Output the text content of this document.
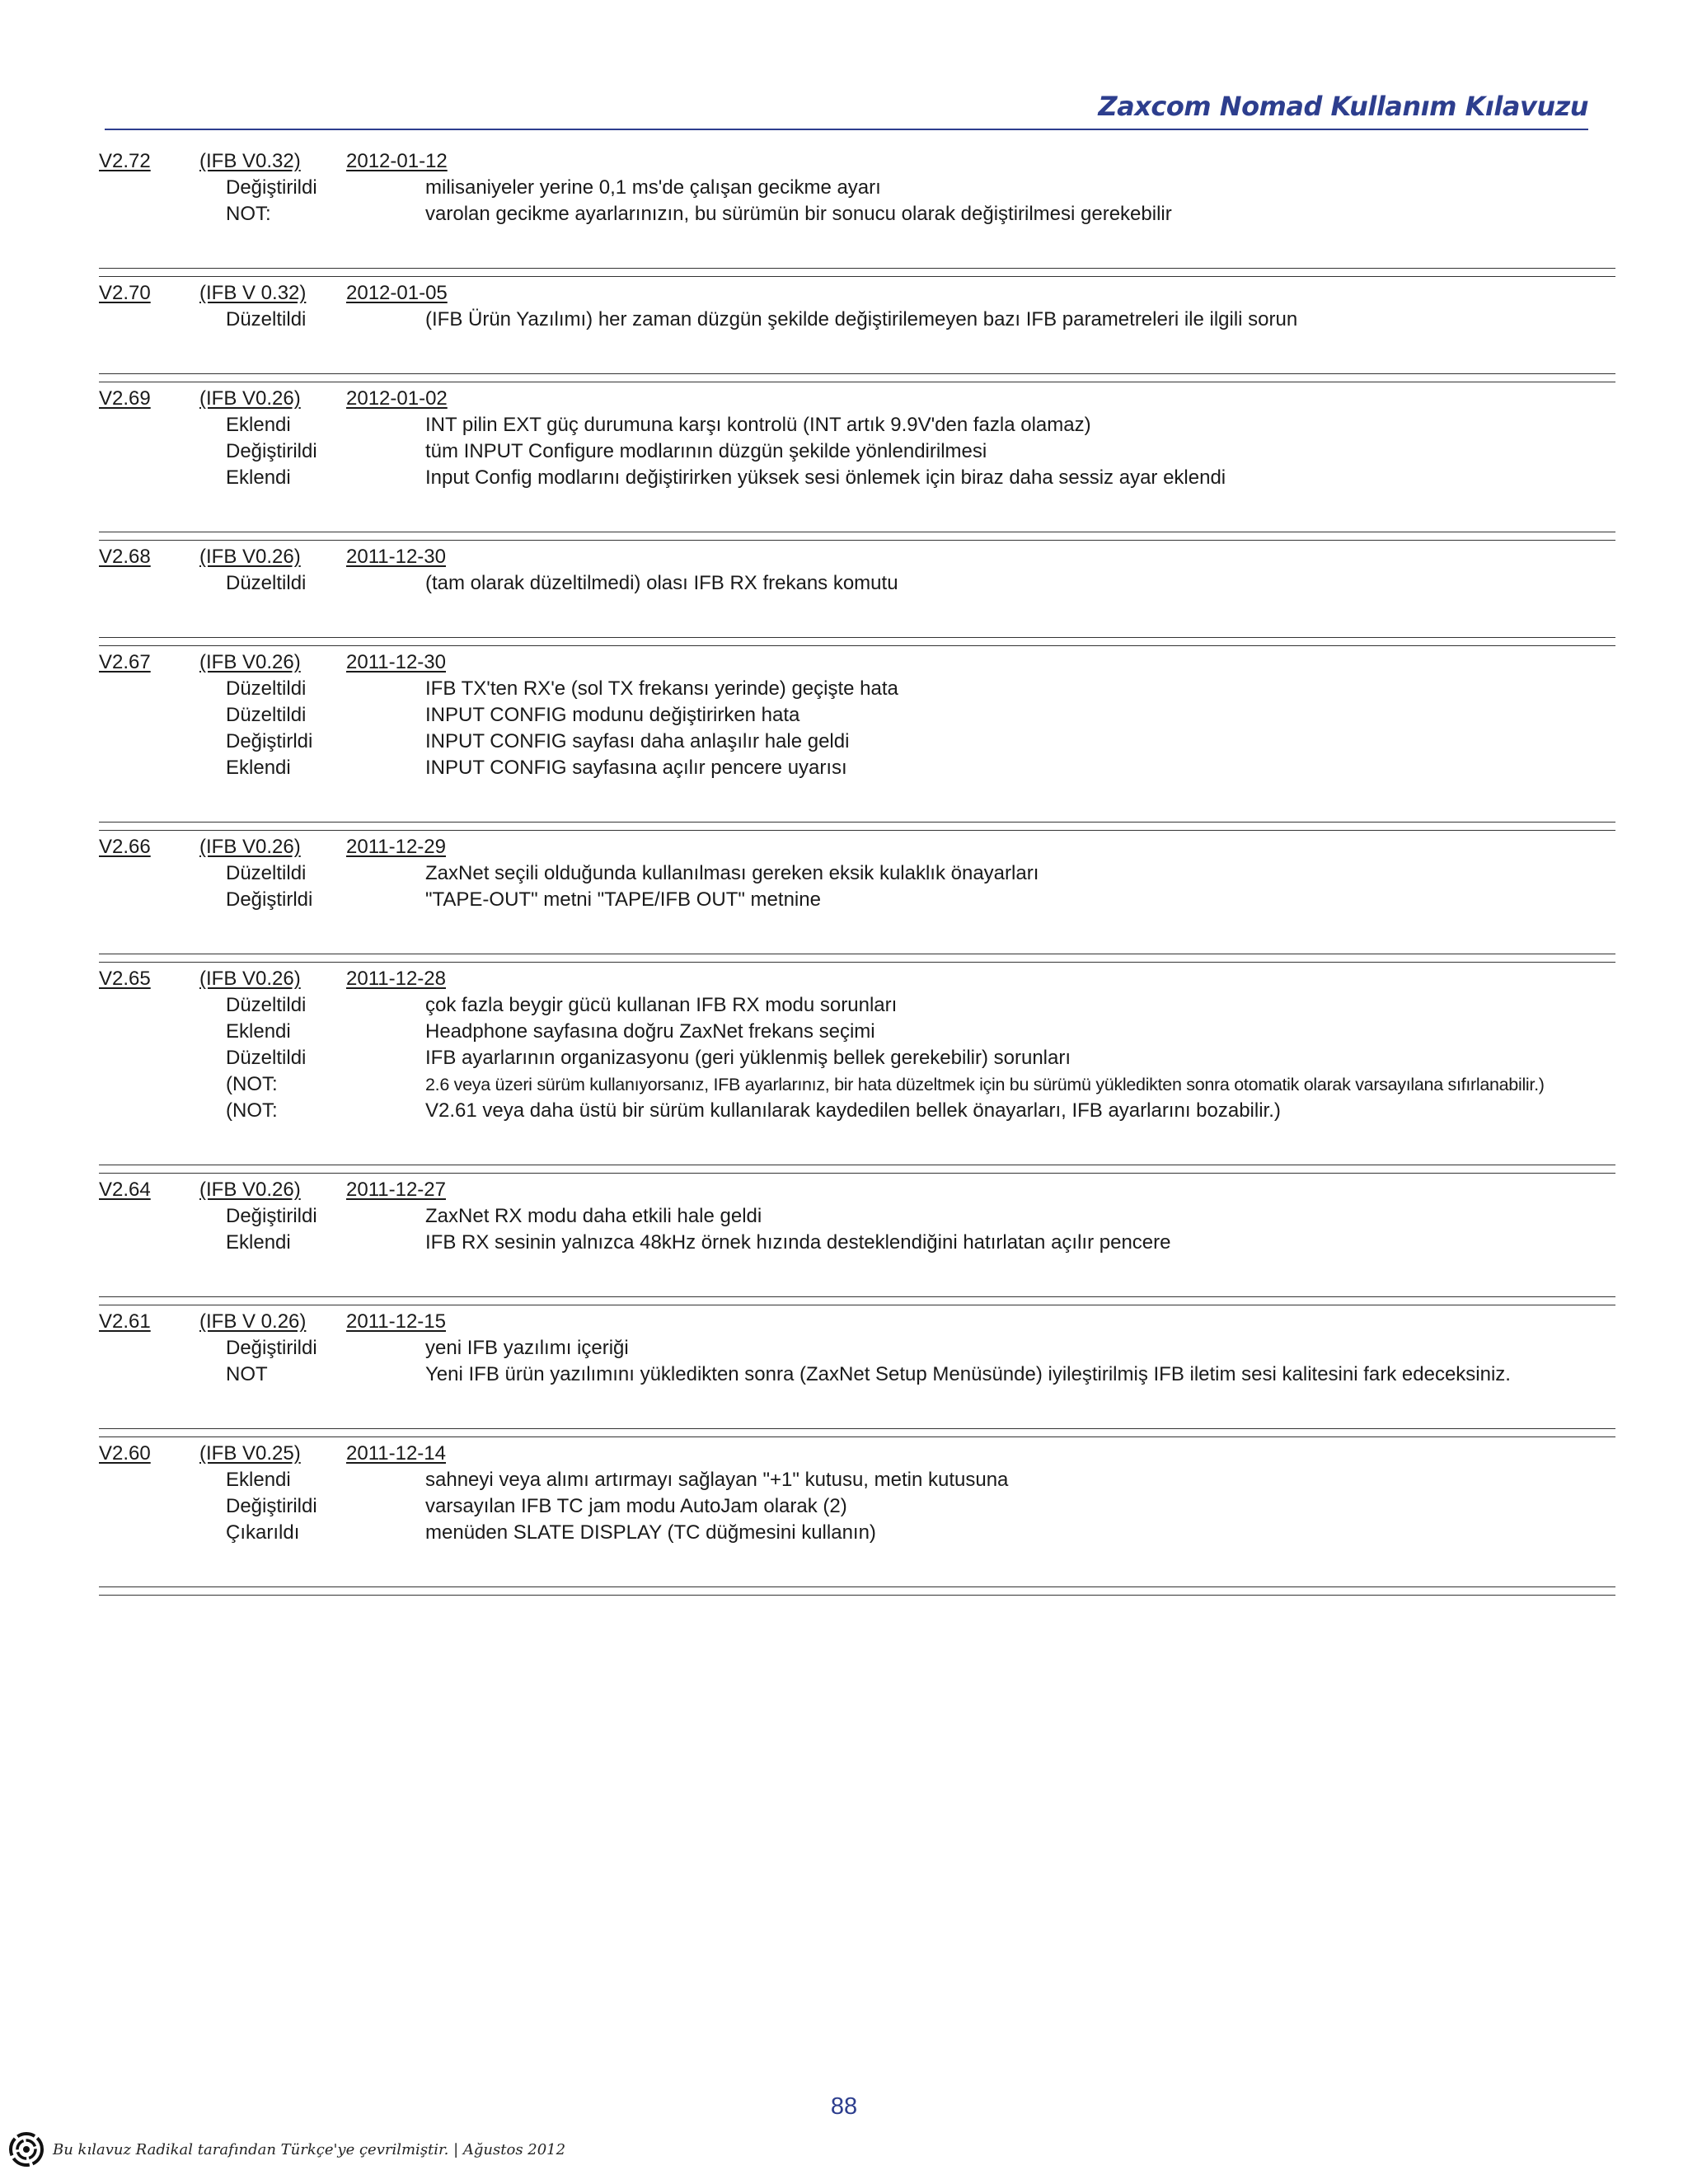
Zaxcom Nomad Kullanım Kılavuzu
V2.72 (IFB V0.32) 2012-01-12
Değiştirildi	milisaniyeler yerine 0,1 ms'de çalışan gecikme ayarı
NOT:	varolan gecikme ayarlarınızın, bu sürümün bir sonucu olarak değiştirilmesi gerekebilir
V2.70 (IFB V 0.32) 2012-01-05
Düzeltildi	(IFB Ürün Yazılımı) her zaman düzgün şekilde değiştirilemeyen bazı IFB parametreleri ile ilgili sorun
V2.69 (IFB V0.26) 2012-01-02
Eklendi	INT pilin EXT güç durumuna karşı kontrolü (INT artık 9.9V'den fazla olamaz)
Değiştirildi	tüm INPUT Configure modlarının düzgün şekilde yönlendirilmesi
Eklendi	Input Config modlarını değiştirirken yüksek sesi önlemek için biraz daha sessiz ayar eklendi
V2.68 (IFB V0.26) 2011-12-30
Düzeltildi	(tam olarak düzeltilmedi) olası IFB RX frekans komutu
V2.67 (IFB V0.26) 2011-12-30
Düzeltildi	IFB TX'ten RX'e (sol TX frekansı yerinde) geçişte hata
Düzeltildi	INPUT CONFIG modunu değiştirirken hata
Değiştirldi	INPUT CONFIG sayfası daha anlaşılır hale geldi
Eklendi	INPUT CONFIG sayfasına açılır pencere uyarısı
V2.66 (IFB V0.26) 2011-12-29
Düzeltildi	ZaxNet seçili olduğunda kullanılması gereken eksik kulaklık önayarları
Değiştirldi	"TAPE-OUT" metni "TAPE/IFB OUT" metnine
V2.65 (IFB V0.26) 2011-12-28
Düzeltildi	çok fazla beygir gücü kullanan IFB RX modu sorunları
Eklendi	Headphone sayfasına doğru ZaxNet frekans seçimi
Düzeltildi	IFB ayarlarının organizasyonu (geri yüklenmiş bellek gerekebilir) sorunları
(NOT:	2.6 veya üzeri sürüm kullanıyorsanız, IFB ayarlarınız, bir hata düzeltmek için bu sürümü yükledikten sonra otomatik olarak varsayılana sıfırlanabilir.)
(NOT:	V2.61 veya daha üstü bir sürüm kullanılarak kaydedilen bellek önayarları, IFB ayarlarını bozabilir.)
V2.64 (IFB V0.26) 2011-12-27
Değiştirildi	ZaxNet RX modu daha etkili hale geldi
Eklendi	IFB RX sesinin yalnızca 48kHz örnek hızında desteklendiğini hatırlatan açılır pencere
V2.61 (IFB V 0.26) 2011-12-15
Değiştirildi	yeni IFB yazılımı içeriği
NOT	Yeni IFB ürün yazılımını yükledikten sonra (ZaxNet Setup Menüsünde) iyileştirilmiş IFB iletim sesi kalitesini fark edeceksiniz.
V2.60 (IFB V0.25) 2011-12-14
Eklendi	sahneyi veya alımı artırmayı sağlayan "+1" kutusu, metin kutusuna
Değiştirildi	varsayılan IFB TC jam modu AutoJam olarak (2)
Çıkarıldı	menüden SLATE DISPLAY (TC düğmesini kullanın)
88
Bu kılavuz Radikal tarafından Türkçe'ye çevrilmiştir. | Ağustos 2012
